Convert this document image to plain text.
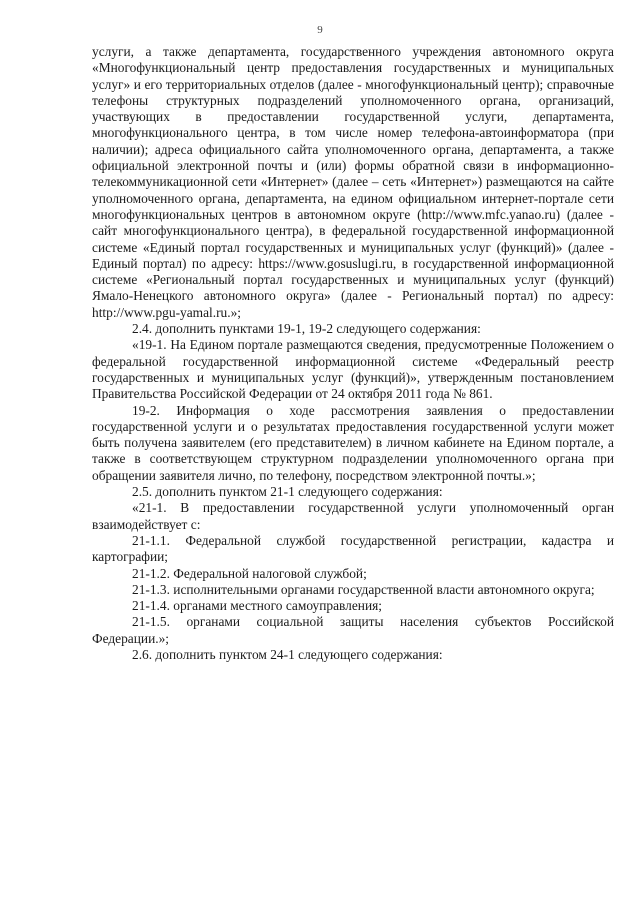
9

услуги, а также департамента, государственного учреждения автономного округа «Многофункциональный центр предоставления государственных и муниципальных услуг» и его территориальных отделов (далее - многофункциональный центр); справочные телефоны структурных подразделений уполномоченного органа, организаций, участвующих в предоставлении государственной услуги, департамента, многофункционального центра, в том числе номер телефона-автоинформатора (при наличии); адреса официального сайта уполномоченного органа, департамента, а также официальной электронной почты и (или) формы обратной связи в информационно-телекоммуникационной сети «Интернет» (далее – сеть «Интернет») размещаются на сайте уполномоченного органа, департамента, на едином официальном интернет-портале сети многофункциональных центров в автономном округе (http://www.mfc.yanao.ru) (далее - сайт многофункционального центра), в федеральной государственной информационной системе «Единый портал государственных и муниципальных услуг (функций)» (далее - Единый портал) по адресу: https://www.gosuslugi.ru, в государственной информационной системе «Региональный портал государственных и муниципальных услуг (функций) Ямало-Ненецкого автономного округа» (далее - Региональный портал) по адресу: http://www.pgu-yamal.ru.»;

2.4. дополнить пунктами 19-1, 19-2 следующего содержания:

«19-1. На Едином портале размещаются сведения, предусмотренные Положением о федеральной государственной информационной системе «Федеральный реестр государственных и муниципальных услуг (функций)», утвержденным постановлением Правительства Российской Федерации от 24 октября 2011 года № 861.

19-2. Информация о ходе рассмотрения заявления о предоставлении государственной услуги и о результатах предоставления государственной услуги может быть получена заявителем (его представителем) в личном кабинете на Едином портале, а также в соответствующем структурном подразделении уполномоченного органа при обращении заявителя лично, по телефону, посредством электронной почты.»;

2.5. дополнить пунктом 21-1 следующего содержания:

«21-1. В предоставлении государственной услуги уполномоченный орган взаимодействует с:

21-1.1. Федеральной службой государственной регистрации, кадастра и картографии;

21-1.2. Федеральной налоговой службой;

21-1.3. исполнительными органами государственной власти автономного округа;

21-1.4. органами местного самоуправления;

21-1.5. органами социальной защиты населения субъектов Российской Федерации.»;

2.6. дополнить пунктом 24-1 следующего содержания:
